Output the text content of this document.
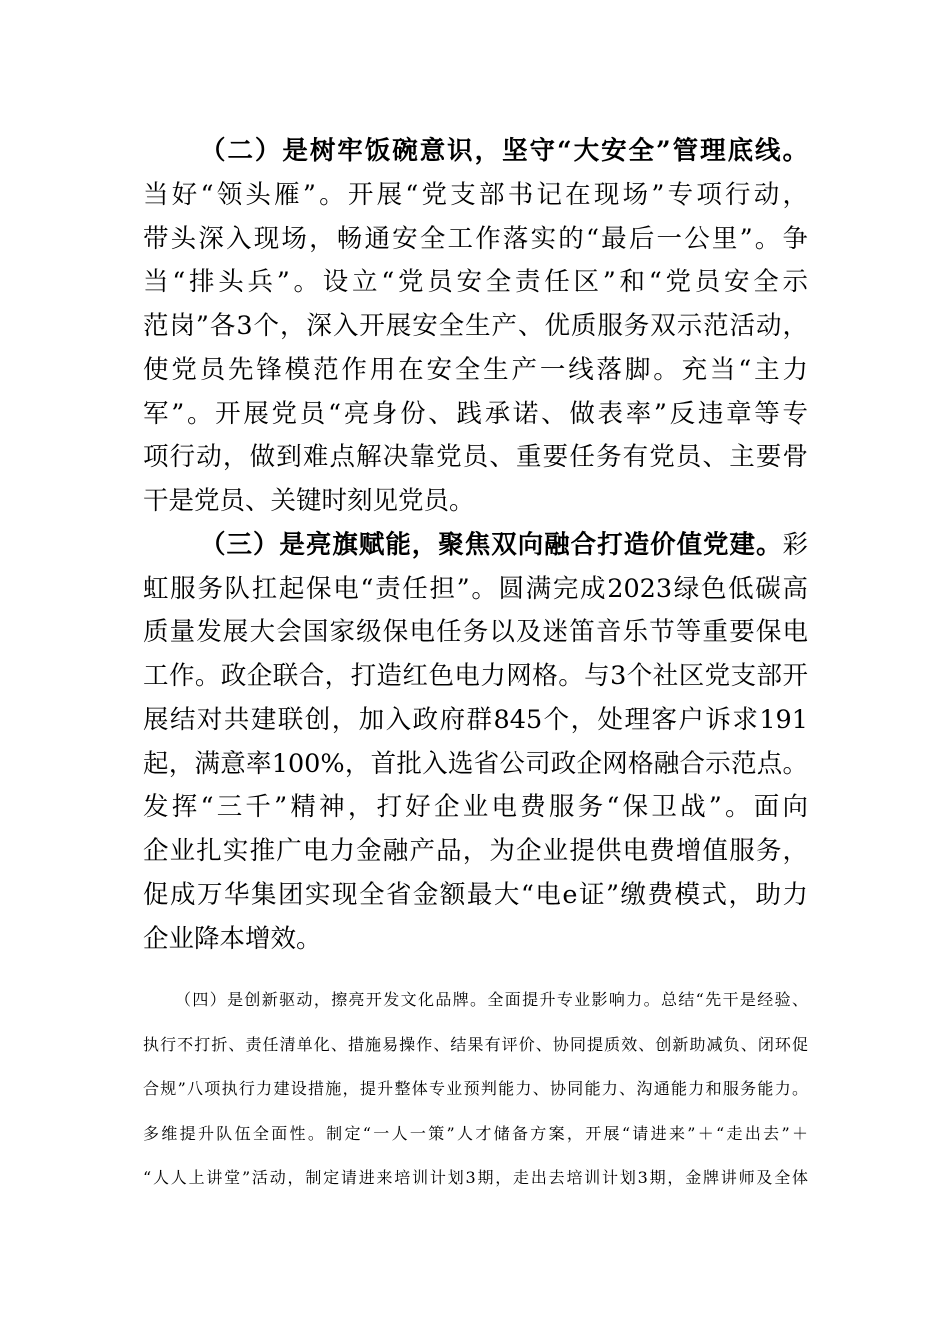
（二）是树牢饭碗意识，坚守“大安全”管理底线。
当好“领头雁”。开展“党支部书记在现场”专项行动，
带头深入现场，畅通安全工作落实的“最后一公里”。争
当“排头兵”。设立“党员安全责任区”和“党员安全示
范岗”各3个，深入开展安全生产、优质服务双示范活动，
使党员先锋模范作用在安全生产一线落脚。充当“主力
军”。开展党员“亮身份、践承诺、做表率”反违章等专
项行动，做到难点解决靠党员、重要任务有党员、主要骨
干是党员、关键时刻见党员。
（三）是亮旗赋能，聚焦双向融合打造价值党建。彩
虹服务队扛起保电“责任担”。圆满完成2023绿色低碳高
质量发展大会国家级保电任务以及迷笛音乐节等重要保电
工作。政企联合，打造红色电力网格。与3个社区党支部开
展结对共建联创，加入政府群845个，处理客户诉求191
起，满意率100%，首批入选省公司政企网格融合示范点。
发挥“三千”精神，打好企业电费服务“保卫战”。面向
企业扎实推广电力金融产品，为企业提供电费增值服务，
促成万华集团实现全省金额最大“电e证”缴费模式，助力
企业降本增效。
（四）是创新驱动，擦亮开发文化品牌。全面提升专业影响力。总结“先干是经验、
执行不打折、责任清单化、措施易操作、结果有评价、协同提质效、创新助减负、闭环促
合规”八项执行力建设措施，提升整体专业预判能力、协同能力、沟通能力和服务能力。
多维提升队伍全面性。制定“一人一策”人才储备方案，开展“请进来”＋“走出去”＋
“人人上讲堂”活动，制定请进来培训计划3期，走出去培训计划3期，金牌讲师及全体
